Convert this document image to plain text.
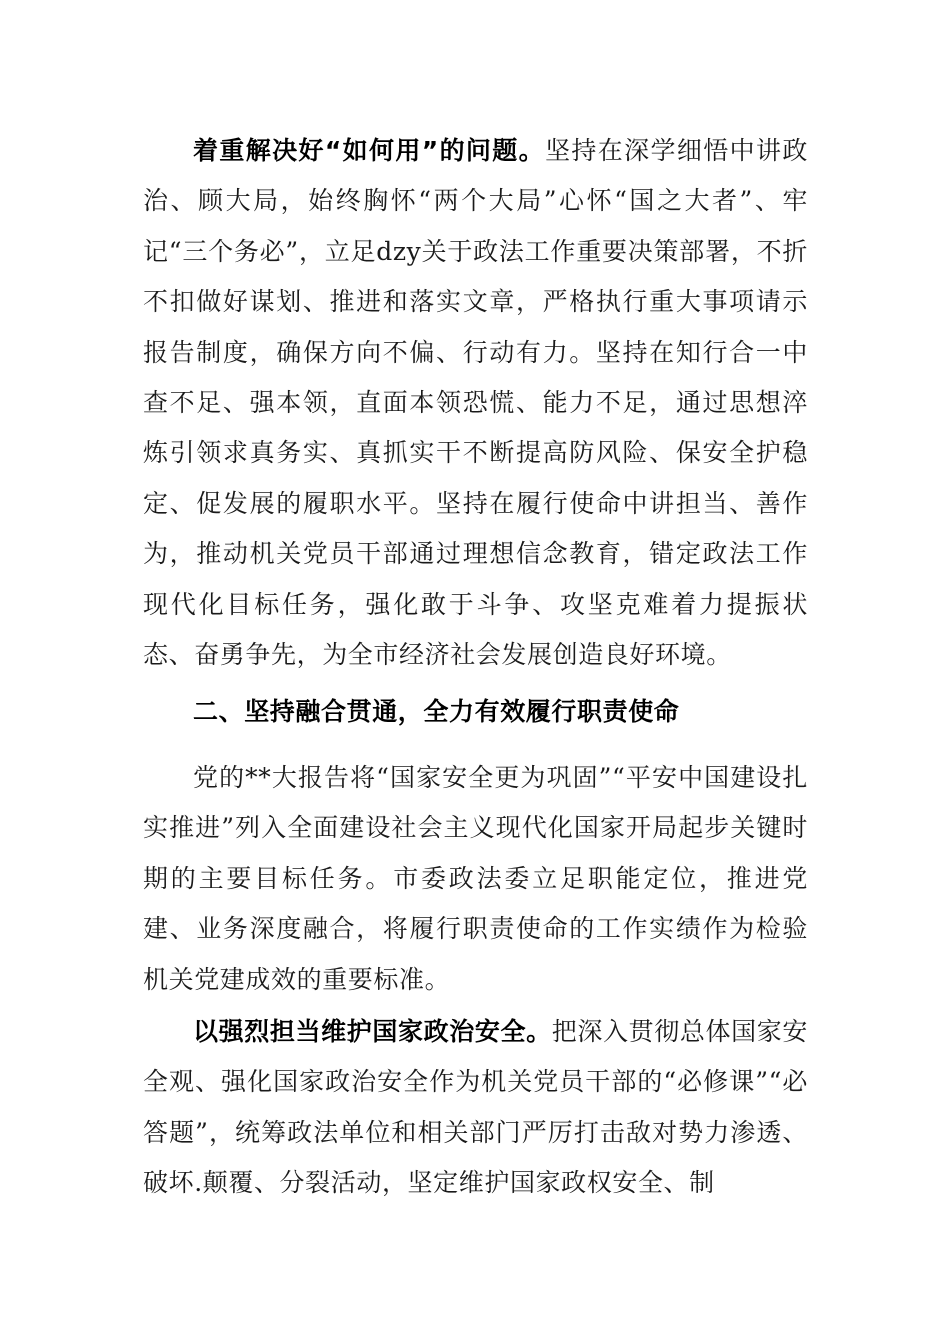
着重解决好“如何用”的问题。坚持在深学细悟中讲政治、顾大局，始终胸怀“两个大局”心怀“国之大者”、牢记“三个务必”，立足dzy关于政法工作重要决策部署，不折不扣做好谋划、推进和落实文章，严格执行重大事项请示报告制度，确保方向不偏、行动有力。坚持在知行合一中查不足、强本领，直面本领恐慌、能力不足，通过思想淬炼引领求真务实、真抓实干不断提高防风险、保安全护稳定、促发展的履职水平。坚持在履行使命中讲担当、善作为，推动机关党员干部通过理想信念教育，错定政法工作现代化目标任务，强化敢于斗争、攻坚克难着力提振状态、奋勇争先，为全市经济社会发展创造良好环境。

二、坚持融合贯通，全力有效履行职责使命

党的**大报告将“国家安全更为巩固”“平安中国建设扎实推进”列入全面建设社会主义现代化国家开局起步关键时期的主要目标任务。市委政法委立足职能定位，推进党建、业务深度融合，将履行职责使命的工作实绩作为检验机关党建成效的重要标准。

以强烈担当维护国家政治安全。把深入贯彻总体国家安全观、强化国家政治安全作为机关党员干部的“必修课”“必答题”，统筹政法单位和相关部门严厉打击敌对势力渗透、破坏.颠覆、分裂活动，坚定维护国家政权安全、制
